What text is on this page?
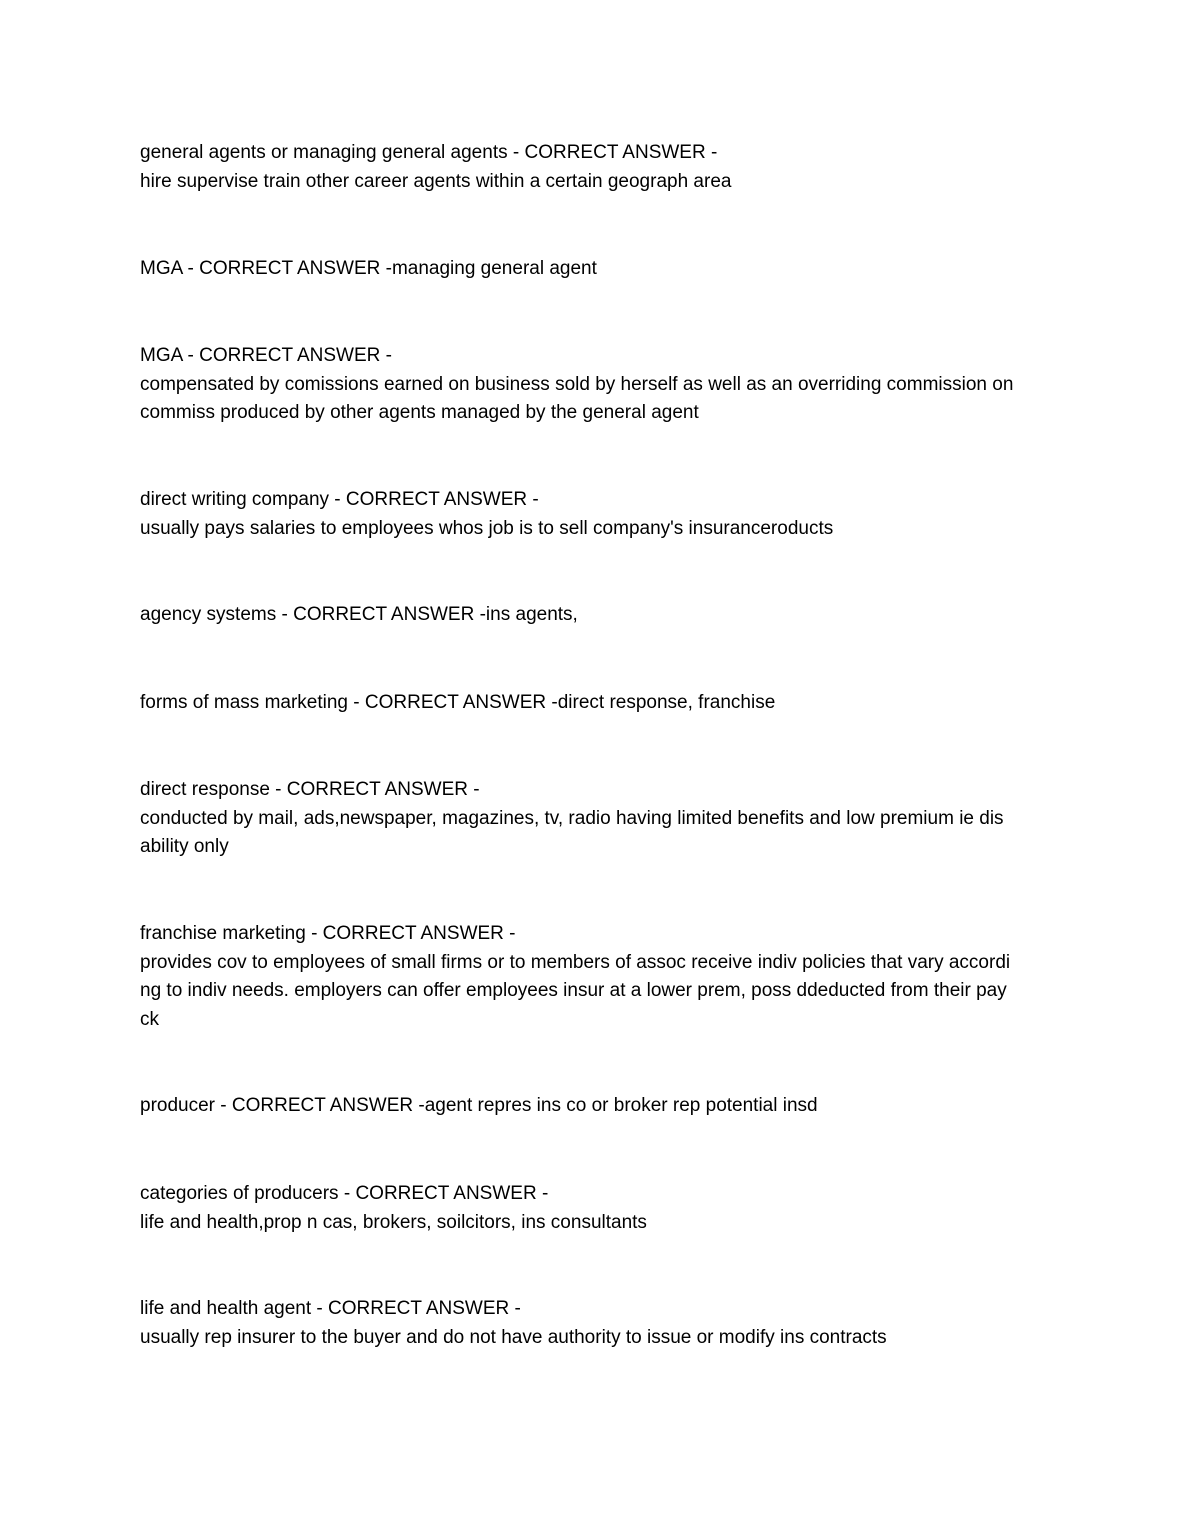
general agents or managing general agents - CORRECT ANSWER -
hire supervise train other career agents within a certain geograph area
MGA - CORRECT ANSWER -managing general agent
MGA - CORRECT ANSWER -
compensated by comissions earned on business sold by herself as well as an overriding commission on
commiss produced by other agents managed by the general agent
direct writing company - CORRECT ANSWER -
usually pays salaries to employees whos job is to sell company's insuranceroducts
agency systems - CORRECT ANSWER -ins agents,
forms of mass marketing - CORRECT ANSWER -direct response, franchise
direct response - CORRECT ANSWER -
conducted by mail, ads,newspaper, magazines, tv, radio having limited benefits and low premium ie dis
ability only
franchise marketing - CORRECT ANSWER -
provides cov to employees of small firms or to members of assoc receive indiv policies that vary accordi
ng to indiv needs. employers can offer employees insur at a lower prem, poss ddeducted from their pay
ck
producer - CORRECT ANSWER -agent repres ins co or broker rep potential insd
categories of producers - CORRECT ANSWER -
life and health,prop n cas, brokers, soilcitors, ins consultants
life and health agent - CORRECT ANSWER -
usually rep insurer to the buyer and do not have authority to issue or modify ins contracts
